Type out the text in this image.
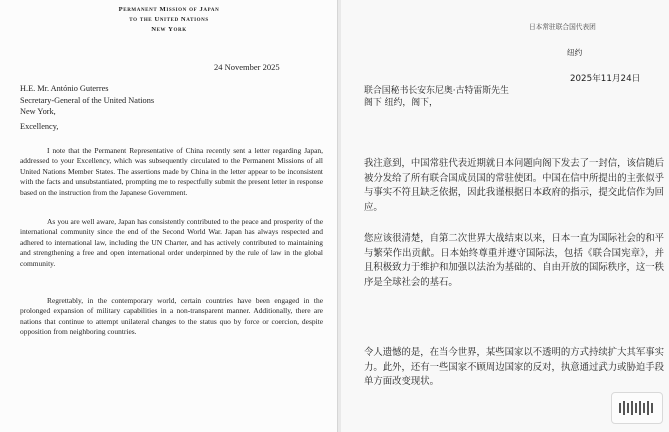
Permanent Mission of Japan
to the United Nations
New York
24 November 2025
H.E. Mr. António Guterres
Secretary-General of the United Nations
New York,
Excellency,

I note that the Permanent Representative of China recently sent a letter regarding Japan, addressed to your Excellency, which was subsequently circulated to the Permanent Missions of all United Nations Member States. The assertions made by China in the letter appear to be inconsistent with the facts and unsubstantiated, prompting me to respectfully submit the present letter in response based on the instruction from the Japanese Government.

As you are well aware, Japan has consistently contributed to the peace and prosperity of the international community since the end of the Second World War. Japan has always respected and adhered to international law, including the UN Charter, and has actively contributed to maintaining and strengthening a free and open international order underpinned by the rule of law in the global community.

Regrettably, in the contemporary world, certain countries have been engaged in the prolonged expansion of military capabilities in a non-transparent manner. Additionally, there are nations that continue to attempt unilateral changes to the status quo by force or coercion, despite opposition from neighboring countries.

日本常驻联合国代表团
纽约
2025年11月24日
联合国秘书长安东尼奥·古特雷斯先生
阁下 纽约，阁下，

我注意到，中国常驻代表近期就日本问题向阁下发去了一封信，该信随后被分发给了所有联合国成员国的常驻使团。中国在信中所提出的主张似乎与事实不符且缺乏依据，因此我谨根据日本政府的指示，提交此信作为回应。

您应该很清楚，自第二次世界大战结束以来，日本一直为国际社会的和平与繁荣作出贡献。日本始终尊重并遵守国际法，包括《联合国宪章》，并且积极致力于维护和加强以法治为基础的、自由开放的国际秩序，这一秩序是全球社会的基石。

令人遗憾的是，在当今世界，某些国家以不透明的方式持续扩大其军事实力。此外，还有一些国家不顾周边国家的反对，执意通过武力或胁迫手段单方面改变现状。
